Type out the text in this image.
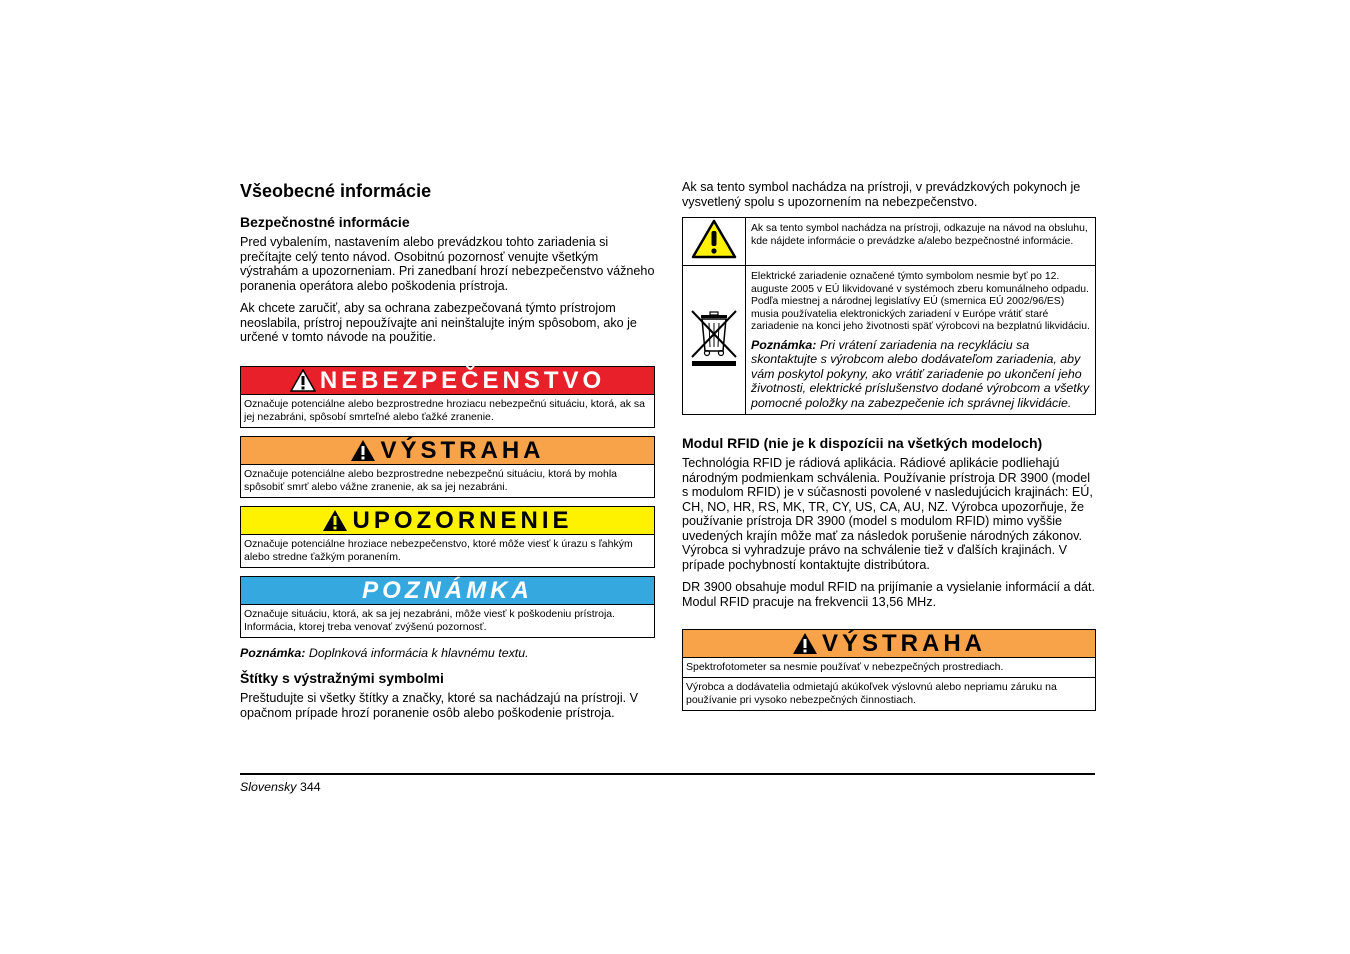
Všeobecné informácie
Bezpečnostné informácie

Pred vybalením, nastavením alebo prevádzkou tohto zariadenia si prečítajte celý tento návod. Osobitnú pozornosť venujte všetkým výstrahám a upozorneniam. Pri zanedbaní hrozí nebezpečenstvo vážneho poranenia operátora alebo poškodenia prístroja.

Ak chcete zaručiť, aby sa ochrana zabezpečovaná týmto prístrojom neoslabila, prístroj nepoužívajte ani neinštalujte iným spôsobom, ako je určené v tomto návode na použitie.

NEBEZPEČENSTVO
Označuje potenciálne alebo bezprostredne hroziacu nebezpečnú situáciu, ktorá, ak sa jej nezabráni, spôsobí smrteľné alebo ťažké zranenie.
VÝSTRAHA
Označuje potenciálne alebo bezprostredne nebezpečnú situáciu, ktorá by mohla spôsobiť smrť alebo vážne zranenie, ak sa jej nezabráni.
UPOZORNENIE
Označuje potenciálne hroziace nebezpečenstvo, ktoré môže viesť k úrazu s ľahkým alebo stredne ťažkým poranením.
POZNÁMKA
Označuje situáciu, ktorá, ak sa jej nezabráni, môže viesť k poškodeniu prístroja. Informácia, ktorej treba venovať zvýšenú pozornosť.
Poznámka: Doplnková informácia k hlavnému textu.
Štítky s výstražnými symbolmi

Preštudujte si všetky štítky a značky, ktoré sa nachádzajú na prístroji. V opačnom prípade hrozí poranenie osôb alebo poškodenie prístroja.

Ak sa tento symbol nachádza na prístroji, v prevádzkových pokynoch je vysvetlený spolu s upozornením na nebezpečenstvo.

	Ak sa tento symbol nachádza na prístroji, odkazuje na návod na obsluhu, kde nájdete informácie o prevádzke a/alebo bezpečnostné informácie.

Elektrické zariadenie označené týmto symbolom nesmie byť po 12. auguste 2005 v EÚ likvidované v systémoch zberu komunálneho odpadu. Podľa miestnej a národnej legislatívy EÚ (smernica EÚ 2002/96/ES) musia používatelia elektronických zariadení v Európe vrátiť staré zariadenie na konci jeho životnosti späť výrobcovi na bezplatnú likvidáciu.
Poznámka: Pri vrátení zariadenia na recykláciu sa skontaktujte s výrobcom alebo dodávateľom zariadenia, aby vám poskytol pokyny, ako vrátiť zariadenie po ukončení jeho životnosti, elektrické príslušenstvo dodané výrobcom a všetky pomocné položky na zabezpečenie ich správnej likvidácie.
Modul RFID (nie je k dispozícii na všetkých modeloch)

Technológia RFID je rádiová aplikácia. Rádiové aplikácie podliehajú národným podmienkam schválenia. Používanie prístroja DR 3900 (model s modulom RFID) je v súčasnosti povolené v nasledujúcich krajinách: EÚ, CH, NO, HR, RS, MK, TR, CY, US, CA, AU, NZ. Výrobca upozorňuje, že používanie prístroja DR 3900 (model s modulom RFID) mimo vyššie uvedených krajín môže mať za následok porušenie národných zákonov. Výrobca si vyhradzuje právo na schválenie tiež v ďalších krajinách. V prípade pochybností kontaktujte distribútora.

DR 3900 obsahuje modul RFID na prijímanie a vysielanie informácií a dát. Modul RFID pracuje na frekvencii 13,56 MHz.

VÝSTRAHA
Spektrofotometer sa nesmie používať v nebezpečných prostrediach.
Výrobca a dodávatelia odmietajú akúkoľvek výslovnú alebo nepriamu záruku na používanie pri vysoko nebezpečných činnostiach.
Slovensky 344
